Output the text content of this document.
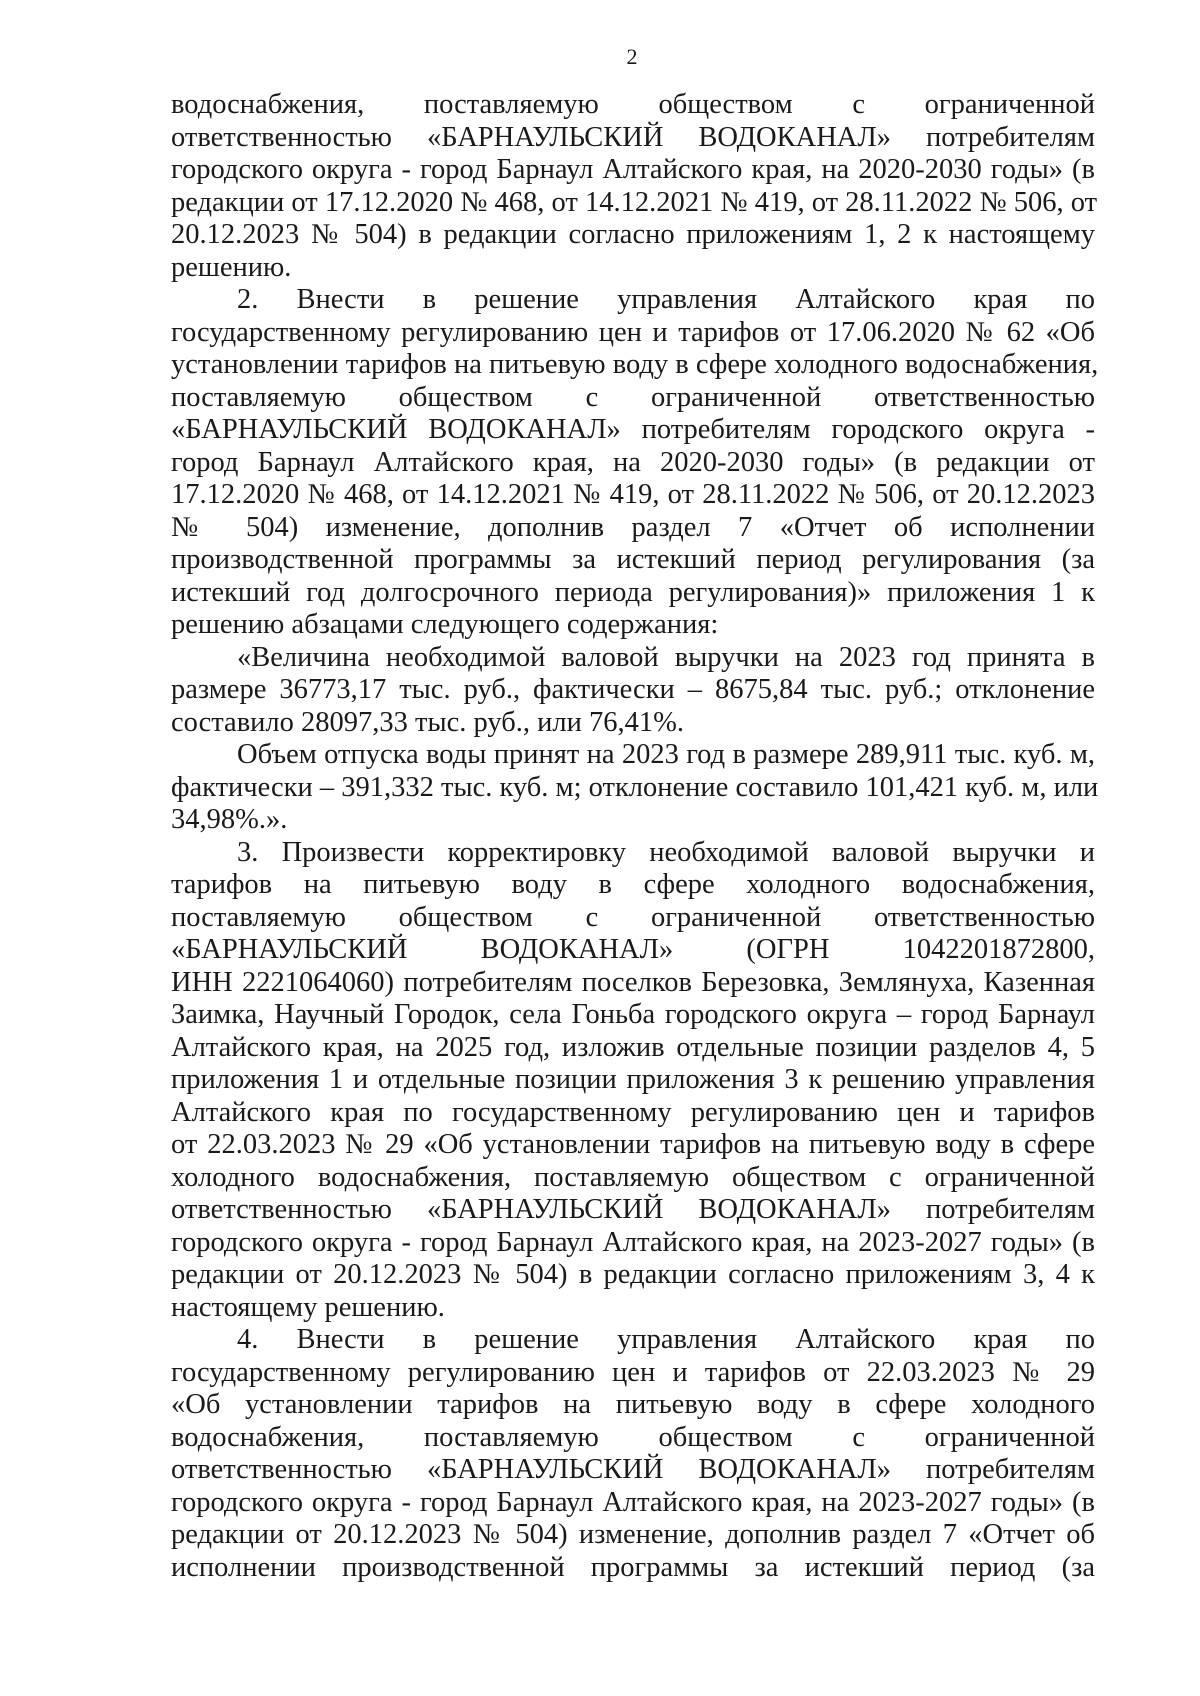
2
водоснабжения, поставляемую обществом с ограниченной
ответственностью «БАРНАУЛЬСКИЙ ВОДОКАНАЛ» потребителям
городского округа - город Барнаул Алтайского края, на 2020-2030 годы» (в
редакции от 17.12.2020 № 468, от 14.12.2021 № 419, от 28.11.2022 № 506, от
20.12.2023 № 504) в редакции согласно приложениям 1, 2 к настоящему
решению.
2. Внести в решение управления Алтайского края по
государственному регулированию цен и тарифов от 17.06.2020 № 62 «Об
установлении тарифов на питьевую воду в сфере холодного водоснабжения,
поставляемую обществом с ограниченной ответственностью
«БАРНАУЛЬСКИЙ ВОДОКАНАЛ» потребителям городского округа -
город Барнаул Алтайского края, на 2020-2030 годы» (в редакции от
17.12.2020 № 468, от 14.12.2021 № 419, от 28.11.2022 № 506, от 20.12.2023
№ 504) изменение, дополнив раздел 7 «Отчет об исполнении
производственной программы за истекший период регулирования (за
истекший год долгосрочного периода регулирования)» приложения 1 к
решению абзацами следующего содержания:
«Величина необходимой валовой выручки на 2023 год принята в
размере 36773,17 тыс. руб., фактически – 8675,84 тыс. руб.; отклонение
составило 28097,33 тыс. руб., или 76,41%.
Объем отпуска воды принят на 2023 год в размере 289,911 тыс. куб. м,
фактически – 391,332 тыс. куб. м; отклонение составило 101,421 куб. м, или
34,98%.».
3. Произвести корректировку необходимой валовой выручки и
тарифов на питьевую воду в сфере холодного водоснабжения,
поставляемую обществом с ограниченной ответственностью
«БАРНАУЛЬСКИЙ ВОДОКАНАЛ» (ОГРН 1042201872800,
ИНН 2221064060) потребителям поселков Березовка, Землянуха, Казенная
Заимка, Научный Городок, села Гоньба городского округа – город Барнаул
Алтайского края, на 2025 год, изложив отдельные позиции разделов 4, 5
приложения 1 и отдельные позиции приложения 3 к решению управления
Алтайского края по государственному регулированию цен и тарифов
от 22.03.2023 № 29 «Об установлении тарифов на питьевую воду в сфере
холодного водоснабжения, поставляемую обществом с ограниченной
ответственностью «БАРНАУЛЬСКИЙ ВОДОКАНАЛ» потребителям
городского округа - город Барнаул Алтайского края, на 2023-2027 годы» (в
редакции от 20.12.2023 № 504) в редакции согласно приложениям 3, 4 к
настоящему решению.
4. Внести в решение управления Алтайского края по
государственному регулированию цен и тарифов от 22.03.2023 № 29
«Об установлении тарифов на питьевую воду в сфере холодного
водоснабжения, поставляемую обществом с ограниченной
ответственностью «БАРНАУЛЬСКИЙ ВОДОКАНАЛ» потребителям
городского округа - город Барнаул Алтайского края, на 2023-2027 годы» (в
редакции от 20.12.2023 № 504) изменение, дополнив раздел 7 «Отчет об
исполнении производственной программы за истекший период (за
